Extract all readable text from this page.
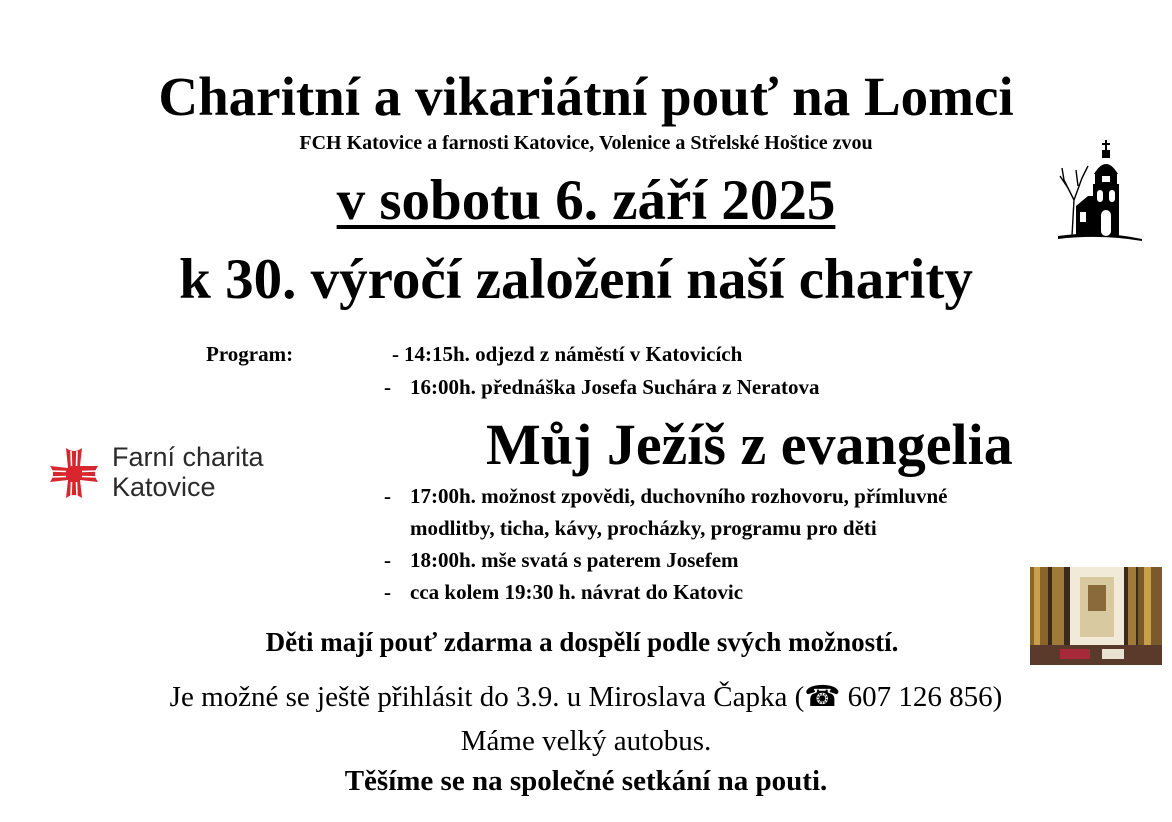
Charitní a vikariátní pouť na Lomci
FCH Katovice a farnosti Katovice, Volenice a Střelské Hoštice zvou
v sobotu 6. září 2025
k 30. výročí založení naší charity
Program:	- 14:15h. odjezd z náměstí v Katovicích
- 16:00h. přednáška Josefa Suchára z Neratova
Můj Ježíš z evangelia
- 17:00h. možnost zpovědi, duchovního rozhovoru, přímluvné
modlitby, ticha, kávy, procházky, programu pro děti
- 18:00h. mše svatá s paterem Josefem
- cca kolem 19:30 h. návrat do Katovic
Farní charita
Katovice
Děti mají pouť zdarma a dospělí podle svých možností.
Je možné se ještě přihlásit do 3.9. u Miroslava Čapka (☎ 607 126 856)
Máme velký autobus.
Těšíme se na společné setkání na pouti.
